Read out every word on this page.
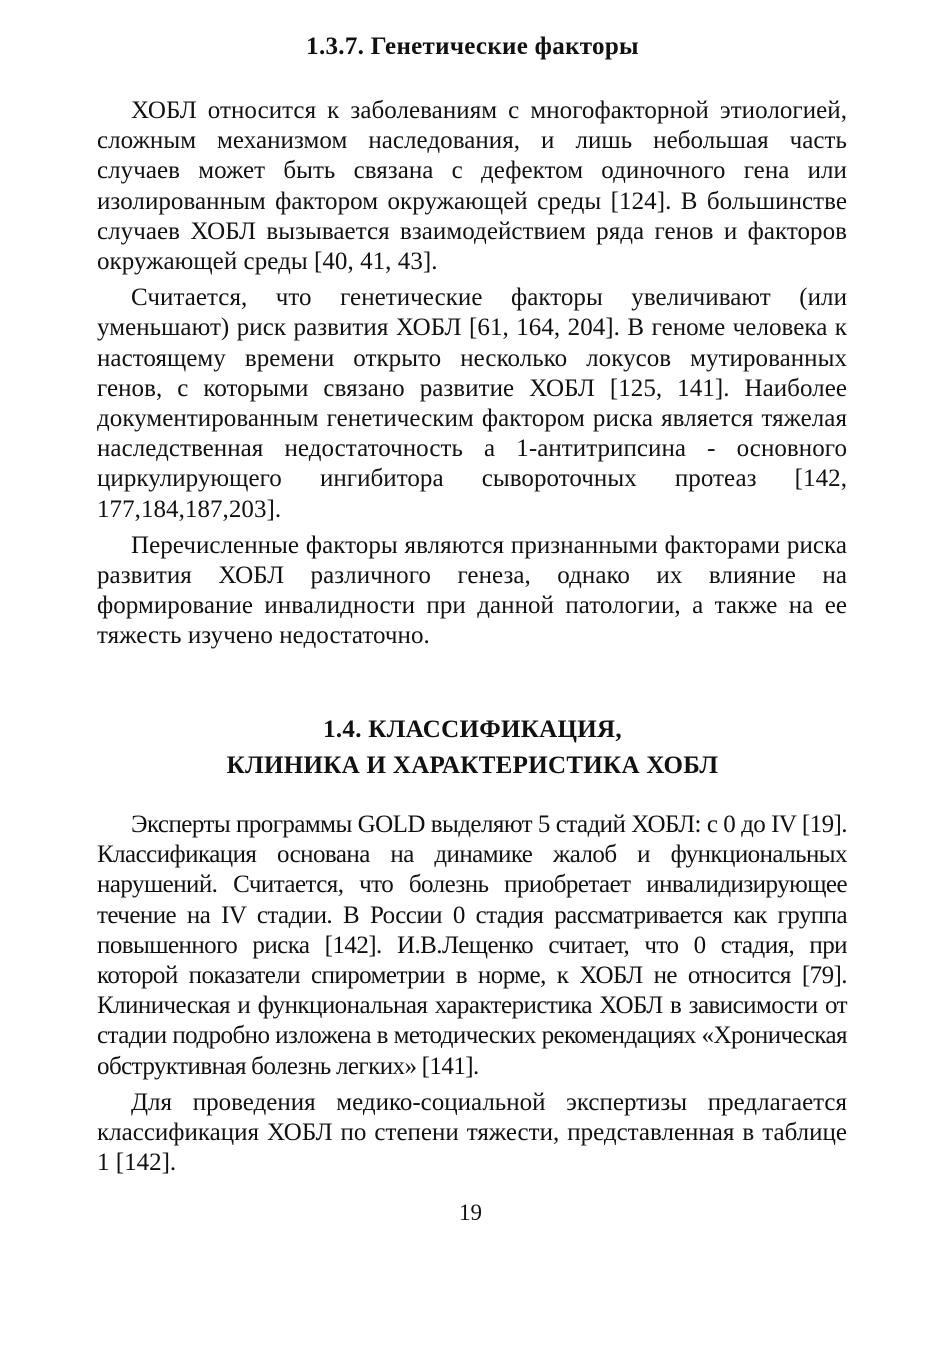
1.3.7. Генетические факторы

ХОБЛ относится к заболеваниям с многофакторной этиологией, сложным механизмом наследования, и лишь небольшая часть случаев может быть связана с дефектом одиночного гена или изолированным фактором окружающей среды [124]. В большинстве случаев ХОБЛ вызывается взаимодействием ряда генов и факторов окружающей среды [40, 41, 43].

Считается, что генетические факторы увеличивают (или уменьшают) риск развития ХОБЛ [61, 164, 204]. В геноме человека к настоящему времени открыто несколько локусов мутированных генов, с которыми связано развитие ХОБЛ [125, 141]. Наиболее документированным генетическим фактором риска является тяжелая наследственная недостаточность а 1-антитрипсина - основного циркулирующего ингибитора сывороточных протеаз [142, 177,184,187,203].

Перечисленные факторы являются признанными факторами риска развития ХОБЛ различного генеза, однако их влияние на формирование инвалидности при данной патологии, а также на ее тяжесть изучено недостаточно.

1.4. КЛАССИФИКАЦИЯ,
КЛИНИКА И ХАРАКТЕРИСТИКА ХОБЛ

Эксперты программы GOLD выделяют 5 стадий ХОБЛ: с 0 до IV [19]. Классификация основана на динамике жалоб и функциональных нарушений. Считается, что болезнь приобретает инвалидизирующее течение на IV стадии. В России 0 стадия рассматривается как группа повышенного риска [142]. И.В.Лещенко считает, что 0 стадия, при которой показатели спирометрии в норме, к ХОБЛ не относится [79]. Клиническая и функциональная характеристика ХОБЛ в зависимости от стадии подробно изложена в методических рекомендациях «Хроническая обструктивная болезнь легких» [141].

Для проведения медико-социальной экспертизы предлагается классификация ХОБЛ по степени тяжести, представленная в таблице 1 [142].

19
